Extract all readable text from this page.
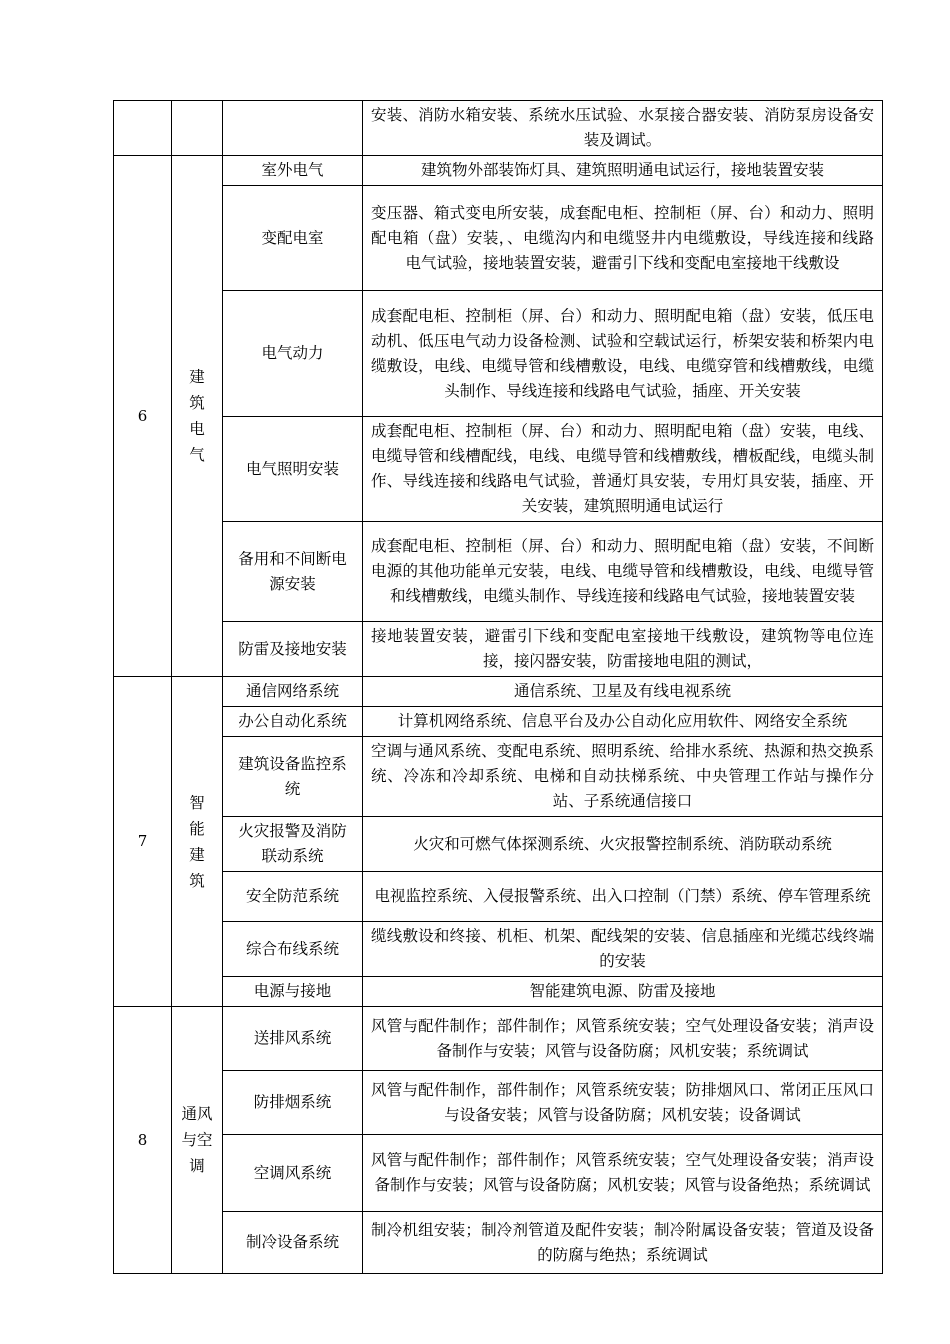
			安装、消防水箱安装、系统水压试验、水泵接合器安装、消防泵房设备安装及调试。
6	建筑电气	室外电气	建筑物外部装饰灯具、建筑照明通电试运行，接地装置安装
		变配电室	变压器、箱式变电所安装，成套配电柜、控制柜（屏、台）和动力、照明配电箱（盘）安装，、电缆沟内和电缆竖井内电缆敷设，导线连接和线路电气试验，接地装置安装，避雷引下线和变配电室接地干线敷设
		电气动力	成套配电柜、控制柜（屏、台）和动力、照明配电箱（盘）安装，低压电动机、低压电气动力设备检测、试验和空载试运行，桥架安装和桥架内电缆敷设，电线、电缆导管和线槽敷设，电线、电缆穿管和线槽敷线，电缆头制作、导线连接和线路电气试验，插座、开关安装
		电气照明安装	成套配电柜、控制柜（屏、台）和动力、照明配电箱（盘）安装，电线、电缆导管和线槽配线，电线、电缆导管和线槽敷线，槽板配线，电缆头制作、导线连接和线路电气试验，普通灯具安装，专用灯具安装，插座、开关安装，建筑照明通电试运行
		备用和不间断电源安装	成套配电柜、控制柜（屏、台）和动力、照明配电箱（盘）安装，不间断电源的其他功能单元安装，电线、电缆导管和线槽敷设，电线、电缆导管和线槽敷线，电缆头制作、导线连接和线路电气试验，接地装置安装
		防雷及接地安装	接地装置安装，避雷引下线和变配电室接地干线敷设，建筑物等电位连接，接闪器安装，防雷接地电阻的测试，
7	智能建筑	通信网络系统	通信系统、卫星及有线电视系统
		办公自动化系统	计算机网络系统、信息平台及办公自动化应用软件、网络安全系统
		建筑设备监控系统	空调与通风系统、变配电系统、照明系统、给排水系统、热源和热交换系统、冷冻和冷却系统、电梯和自动扶梯系统、中央管理工作站与操作分站、子系统通信接口
		火灾报警及消防联动系统	火灾和可燃气体探测系统、火灾报警控制系统、消防联动系统
		安全防范系统	电视监控系统、入侵报警系统、出入口控制（门禁）系统、停车管理系统
		综合布线系统	缆线敷设和终接、机柜、机架、配线架的安装、信息插座和光缆芯线终端的安装
		电源与接地	智能建筑电源、防雷及接地
8	通风与空调	送排风系统	风管与配件制作；部件制作；风管系统安装；空气处理设备安装；消声设备制作与安装；风管与设备防腐；风机安装；系统调试
		防排烟系统	风管与配件制作，部件制作；风管系统安装；防排烟风口、常闭正压风口与设备安装；风管与设备防腐；风机安装；设备调试
		空调风系统	风管与配件制作；部件制作；风管系统安装；空气处理设备安装；消声设备制作与安装；风管与设备防腐；风机安装；风管与设备绝热；系统调试
		制冷设备系统	制冷机组安装；制冷剂管道及配件安装；制冷附属设备安装；管道及设备的防腐与绝热；系统调试
